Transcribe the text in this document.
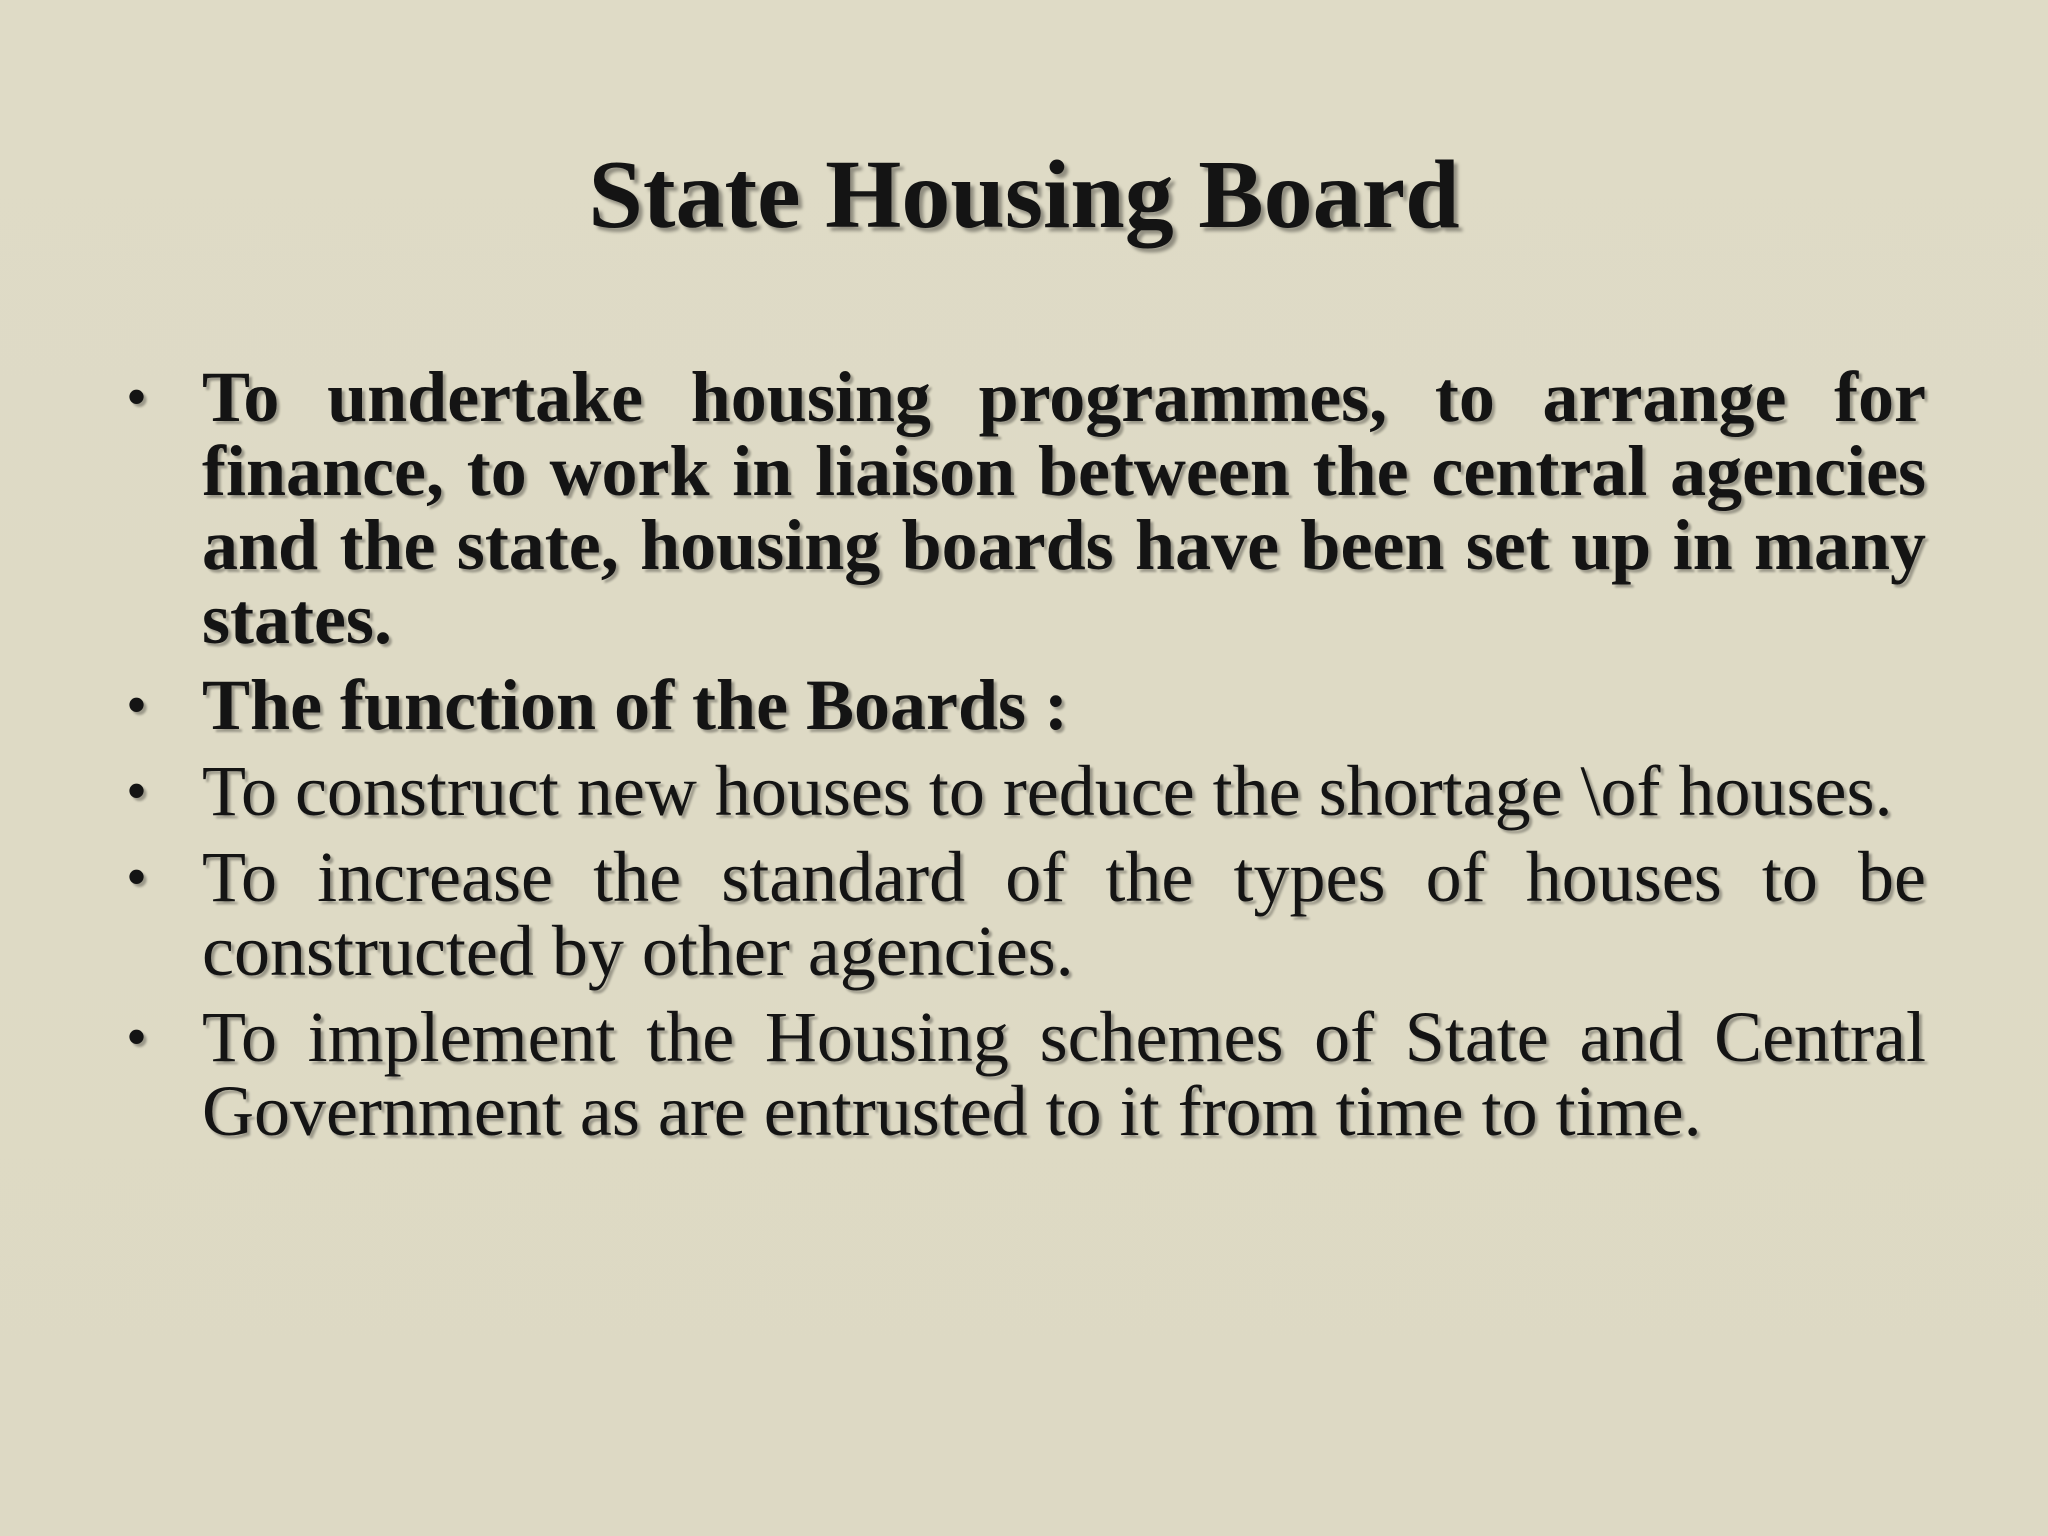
State Housing Board
• To undertake housing programmes, to arrange for finance, to work in liaison between the central agencies and the state, housing boards have been set up in many states.
• The function of the Boards :
• To construct new houses to reduce the shortage \of houses.
• To increase the standard of the types of houses to be constructed by other agencies.
• To implement the Housing schemes of State and Central Government as are entrusted to it from time to time.
